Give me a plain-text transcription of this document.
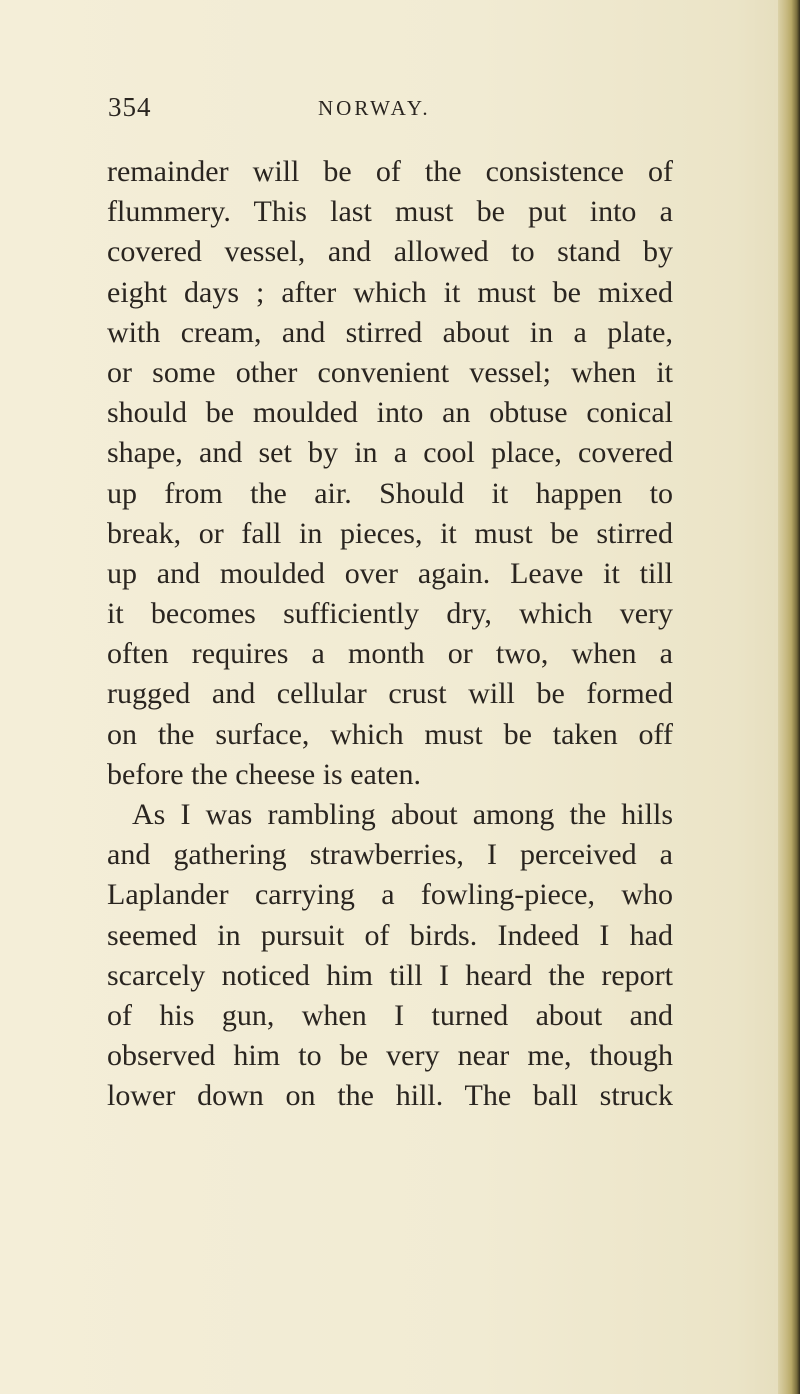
354	NORWAY.
remainder will be of the consistence of
flummery. This last must be put into a
covered vessel, and allowed to stand by
eight days ; after which it must be mixed
with cream, and stirred about in a plate,
or some other convenient vessel; when it
should be moulded into an obtuse conical
shape, and set by in a cool place, covered
up from the air. Should it happen to
break, or fall in pieces, it must be stirred
up and moulded over again. Leave it till
it becomes sufficiently dry, which very
often requires a month or two, when a
rugged and cellular crust will be formed
on the surface, which must be taken off
before the cheese is eaten.
As I was rambling about among the hills
and gathering strawberries, I perceived a
Laplander carrying a fowling-piece, who
seemed in pursuit of birds. Indeed I had
scarcely noticed him till I heard the report
of his gun, when I turned about and
observed him to be very near me, though
lower down on the hill. The ball struck
